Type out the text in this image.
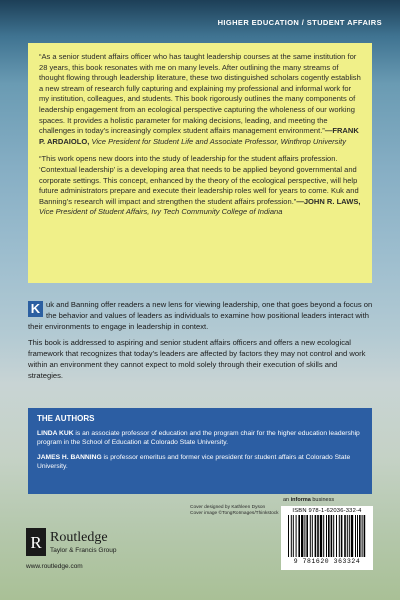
HIGHER EDUCATION / STUDENT AFFAIRS

“As a senior student affairs officer who has taught leadership courses at the same institution for 28 years, this book resonates with me on many levels. After outlining the many streams of thought flowing through leadership literature, these two distinguished scholars cogently establish a new stream of research fully capturing and explaining my professional and informal work for my institution, colleagues, and students. This book rigorously outlines the many components of leadership engagement from an ecological perspective capturing the wholeness of our working spaces. It provides a holistic parameter for making decisions, leading, and meeting the challenges in today’s increasingly complex student affairs management environment.”—FRANK P. ARDAIOLO, Vice President for Student Life and Associate Professor, Winthrop University

“This work opens new doors into the study of leadership for the student affairs profession. ‘Contextual leadership’ is a developing area that needs to be applied beyond governmental and corporate settings. This concept, enhanced by the theory of the ecological perspective, will help future administrators prepare and execute their leadership roles well for years to come. Kuk and Banning’s research will impact and strengthen the student affairs profession.”—JOHN R. LAWS, Vice President of Student Affairs, Ivy Tech Community College of Indiana

K uk and Banning offer readers a new lens for viewing leadership, one that goes beyond a focus on the behavior and values of leaders as individuals to examine how positional leaders interact with their environments to engage in leadership in context.

This book is addressed to aspiring and senior student affairs officers and offers a new ecological framework that recognizes that today’s leaders are affected by factors they may not control and work within an environment they cannot expect to mold solely through their execution of skills and strategies.

THE AUTHORS

LINDA KUK is an associate professor of education and the program chair for the higher education leadership program in the School of Education at Colorado State University.

JAMES H. BANNING is professor emeritus and former vice president for student affairs at Colorado State University.

Cover designed by Kathleen Dyson
Cover image ©TongRoImages/Thinkstock
an informa business
ISBN 978-1-62036-332-4
9 781620 363324
R Routledge
Taylor & Francis Group
www.routledge.com
